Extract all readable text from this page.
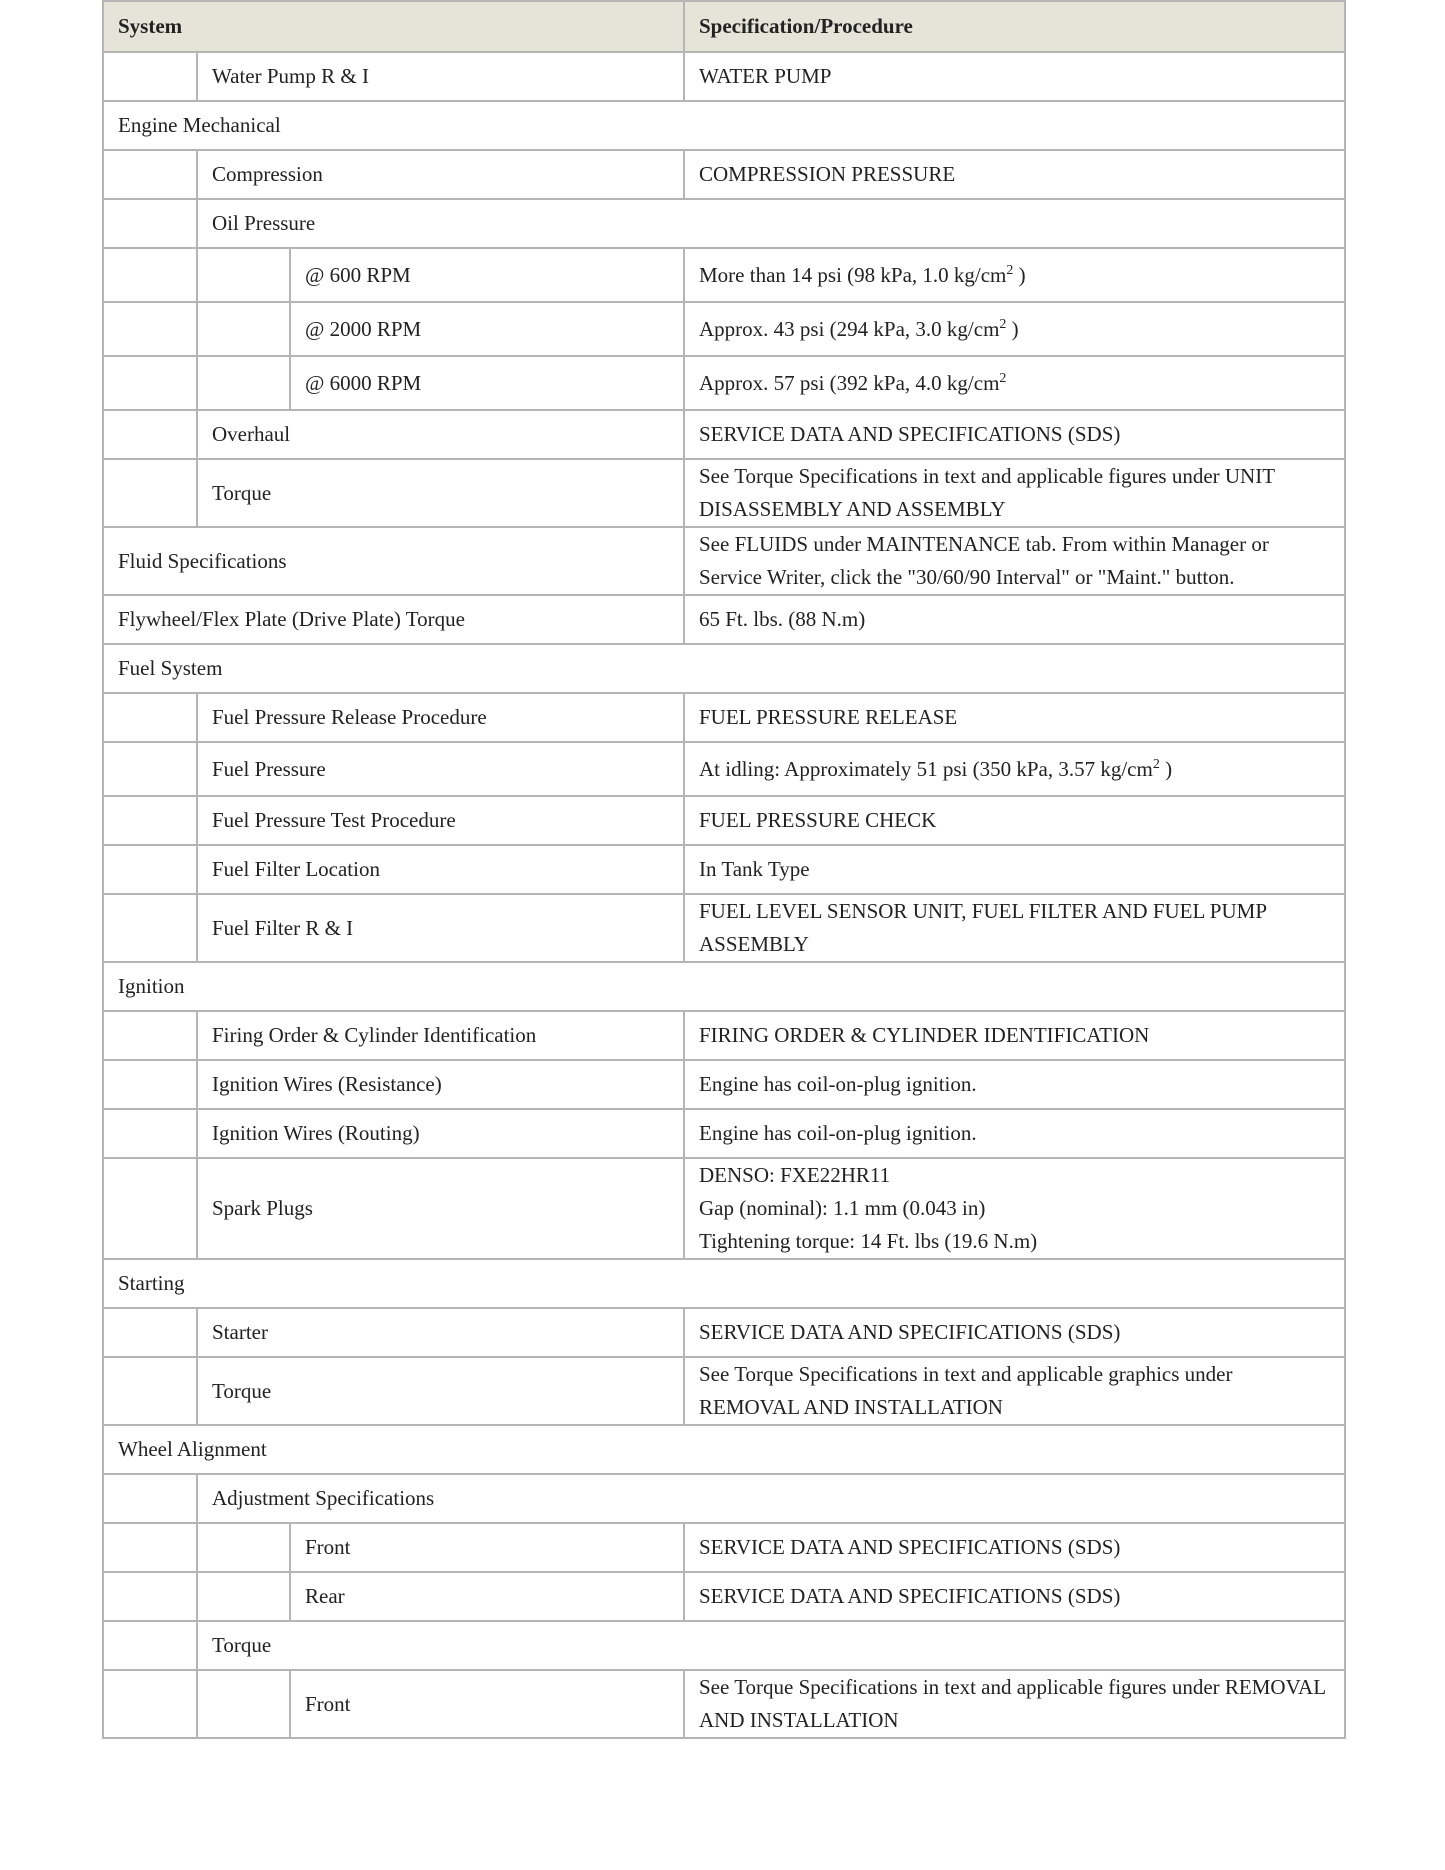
System			Specification/Procedure
	Water Pump R & I		WATER PUMP
Engine Mechanical			
	Compression		COMPRESSION PRESSURE
	Oil Pressure		
		@ 600 RPM	More than 14 psi (98 kPa, 1.0 $kg/cm^2$ )
		@ 2000 RPM	Approx. 43 psi (294 kPa, 3.0 $kg/cm^2$ )
		@ 6000 RPM	Approx. 57 psi (392 kPa, 4.0 $kg/cm^2$
	Overhaul		SERVICE DATA AND SPECIFICATIONS (SDS)
	Torque		See Torque Specifications in text and applicable figures under UNIT DISASSEMBLY AND ASSEMBLY
Fluid Specifications			See FLUIDS under MAINTENANCE tab. From within Manager or Service Writer, click the "30/60/90 Interval" or "Maint." button.
Flywheel/Flex Plate (Drive Plate) Torque			65 Ft. lbs. (88 N.m)
Fuel System			
	Fuel Pressure Release Procedure		FUEL PRESSURE RELEASE
	Fuel Pressure		At idling: Approximately 51 psi (350 kPa, 3.57 $kg/cm^2$ )
	Fuel Pressure Test Procedure		FUEL PRESSURE CHECK
	Fuel Filter Location		In Tank Type
	Fuel Filter R & I		FUEL LEVEL SENSOR UNIT, FUEL FILTER AND FUEL PUMP ASSEMBLY
Ignition			
	Firing Order & Cylinder Identification		FIRING ORDER & CYLINDER IDENTIFICATION
	Ignition Wires (Resistance)		Engine has coil-on-plug ignition.
	Ignition Wires (Routing)		Engine has coil-on-plug ignition.
	Spark Plugs		DENSO: FXE22HR11
Gap (nominal): 1.1 mm (0.043 in)
Tightening torque: 14 Ft. lbs (19.6 N.m)

Starting			
	Starter		SERVICE DATA AND SPECIFICATIONS (SDS)
	Torque		See Torque Specifications in text and applicable graphics under REMOVAL AND INSTALLATION
Wheel Alignment			
	Adjustment Specifications		
		Front	SERVICE DATA AND SPECIFICATIONS (SDS)
		Rear	SERVICE DATA AND SPECIFICATIONS (SDS)
	Torque		
		Front	See Torque Specifications in text and applicable figures under REMOVAL AND INSTALLATION
